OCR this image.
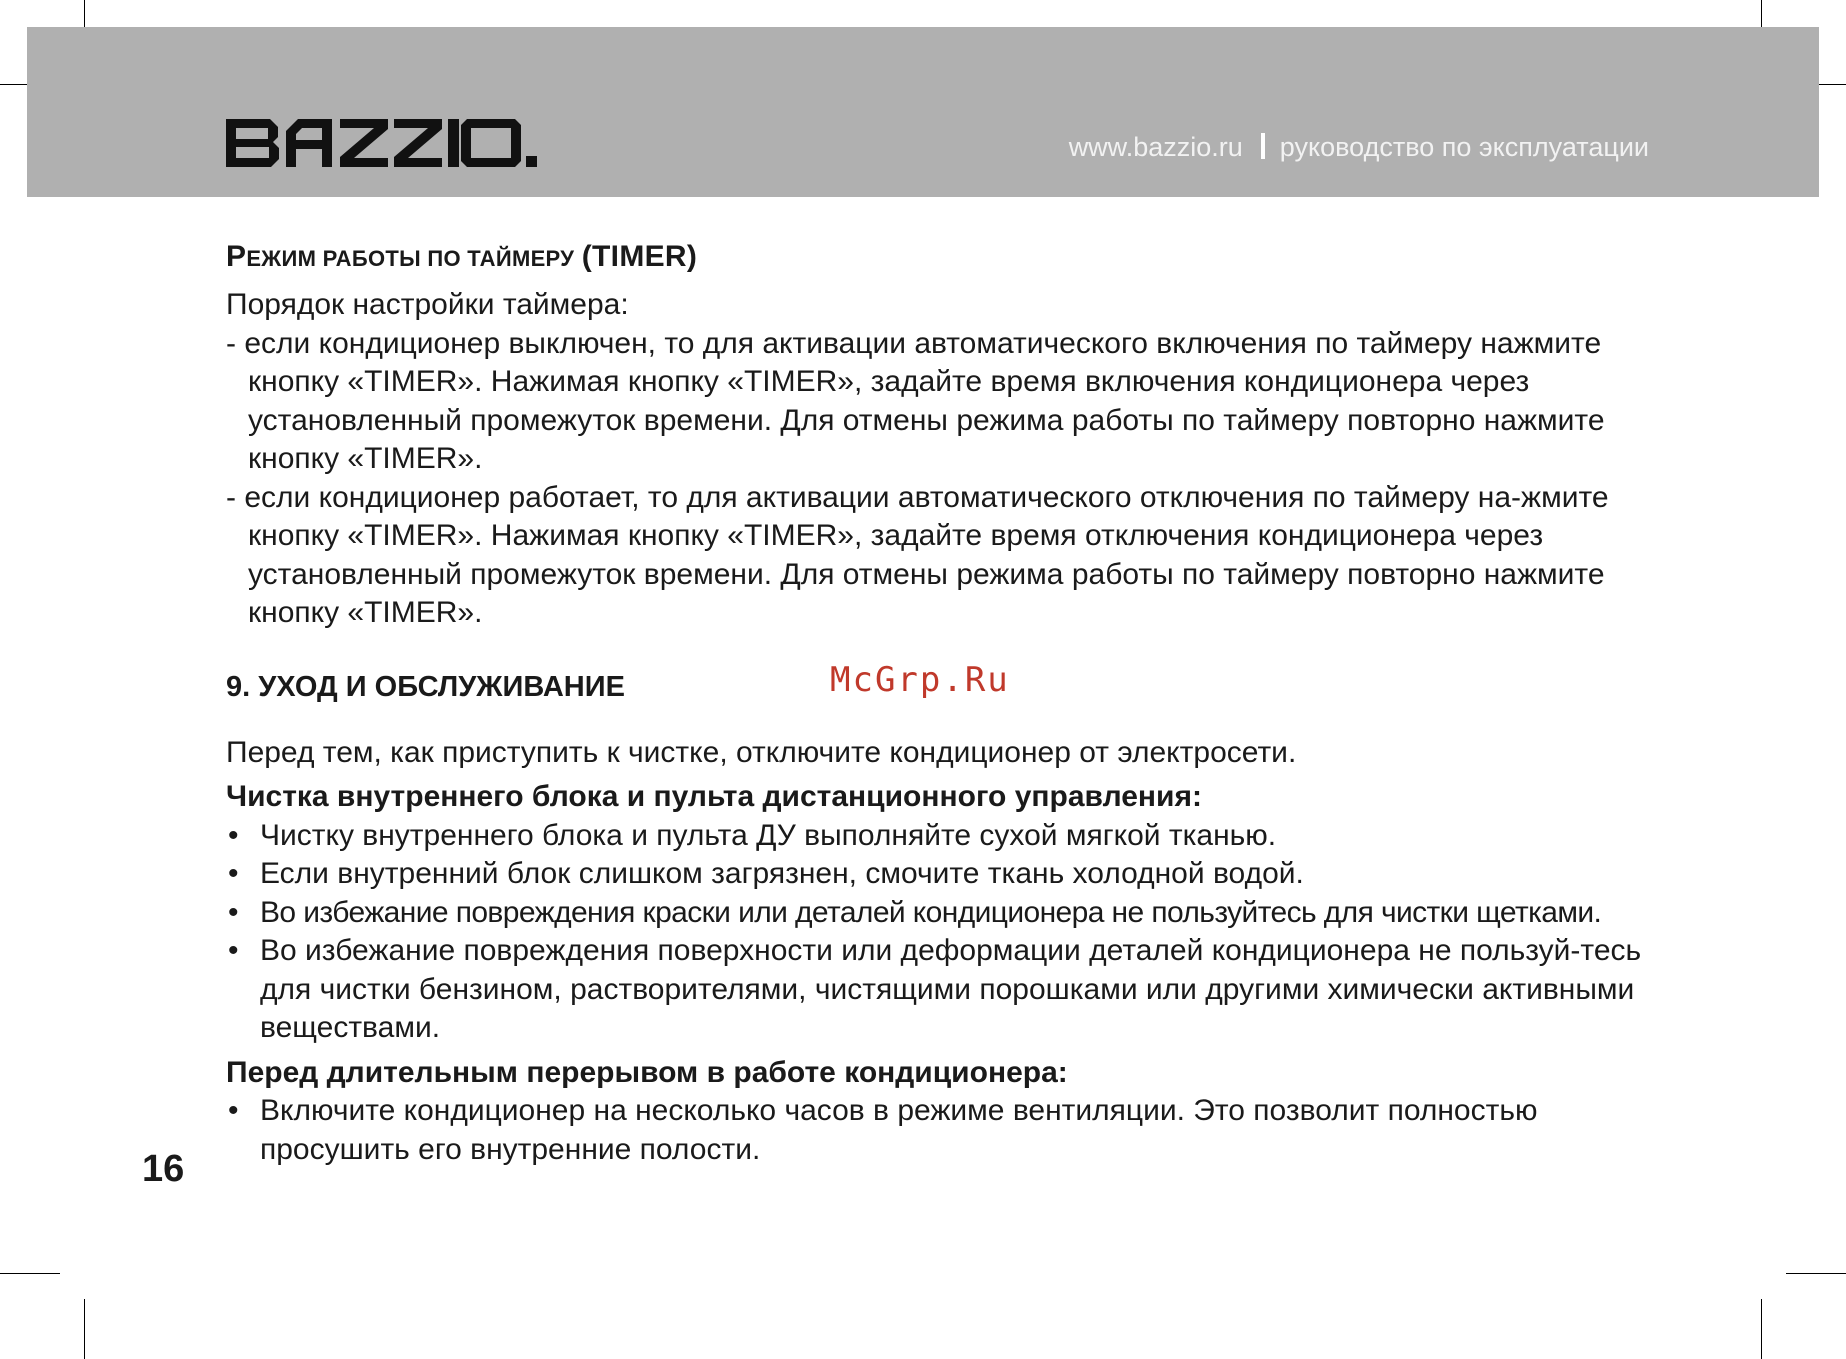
www.bazzio.ru руководство по эксплуатации
РЕЖИМ РАБОТЫ ПО ТАЙМЕРУ (TIMER)

Порядок настройки таймера:

- если кондиционер выключен, то для активации автоматического включения по таймеру нажмите кнопку «TIMER». Нажимая кнопку «TIMER», задайте время включения кондиционера через установленный промежуток времени. Для отмены режима работы по таймеру повторно нажмите кнопку «TIMER».

- если кондиционер работает, то для активации автоматического отключения по таймеру на-жмите кнопку «TIMER». Нажимая кнопку «TIMER», задайте время отключения кондиционера через установленный промежуток времени. Для отмены режима работы по таймеру повторно нажмите кнопку «TIMER».

9. УХОД И ОБСЛУЖИВАНИЕ

Перед тем, как приступить к чистке, отключите кондиционер от электросети.

Чистка внутреннего блока и пульта дистанционного управления:

• Чистку внутреннего блока и пульта ДУ выполняйте сухой мягкой тканью.
• Если внутренний блок слишком загрязнен, смочите ткань холодной водой.
• Во избежание повреждения краски или деталей кондиционера не пользуйтесь для чистки щетками.
• Во избежание повреждения поверхности или деформации деталей кондиционера не пользуй-тесь для чистки бензином, растворителями, чистящими порошками или другими химически активными веществами.

Перед длительным перерывом в работе кондиционера:

• Включите кондиционер на несколько часов в режиме вентиляции. Это позволит полностью просушить его внутренние полости.
McGrp.Ru
16
